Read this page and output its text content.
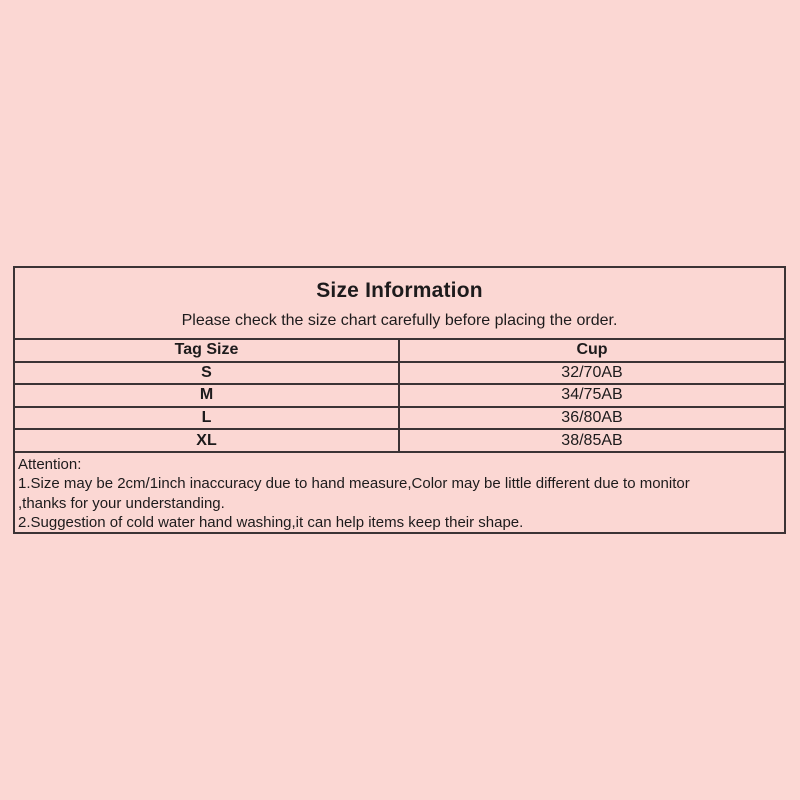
Size Information
Please check the size chart carefully before placing the order.
Tag Size	Cup
S	32/70AB
M	34/75AB
L	36/80AB
XL	38/85AB
Attention:
1.Size may be 2cm/1inch inaccuracy due to hand measure,Color may be little different due to monitor
,thanks for your understanding.
2.Suggestion of cold water hand washing,it can help items keep their shape.
